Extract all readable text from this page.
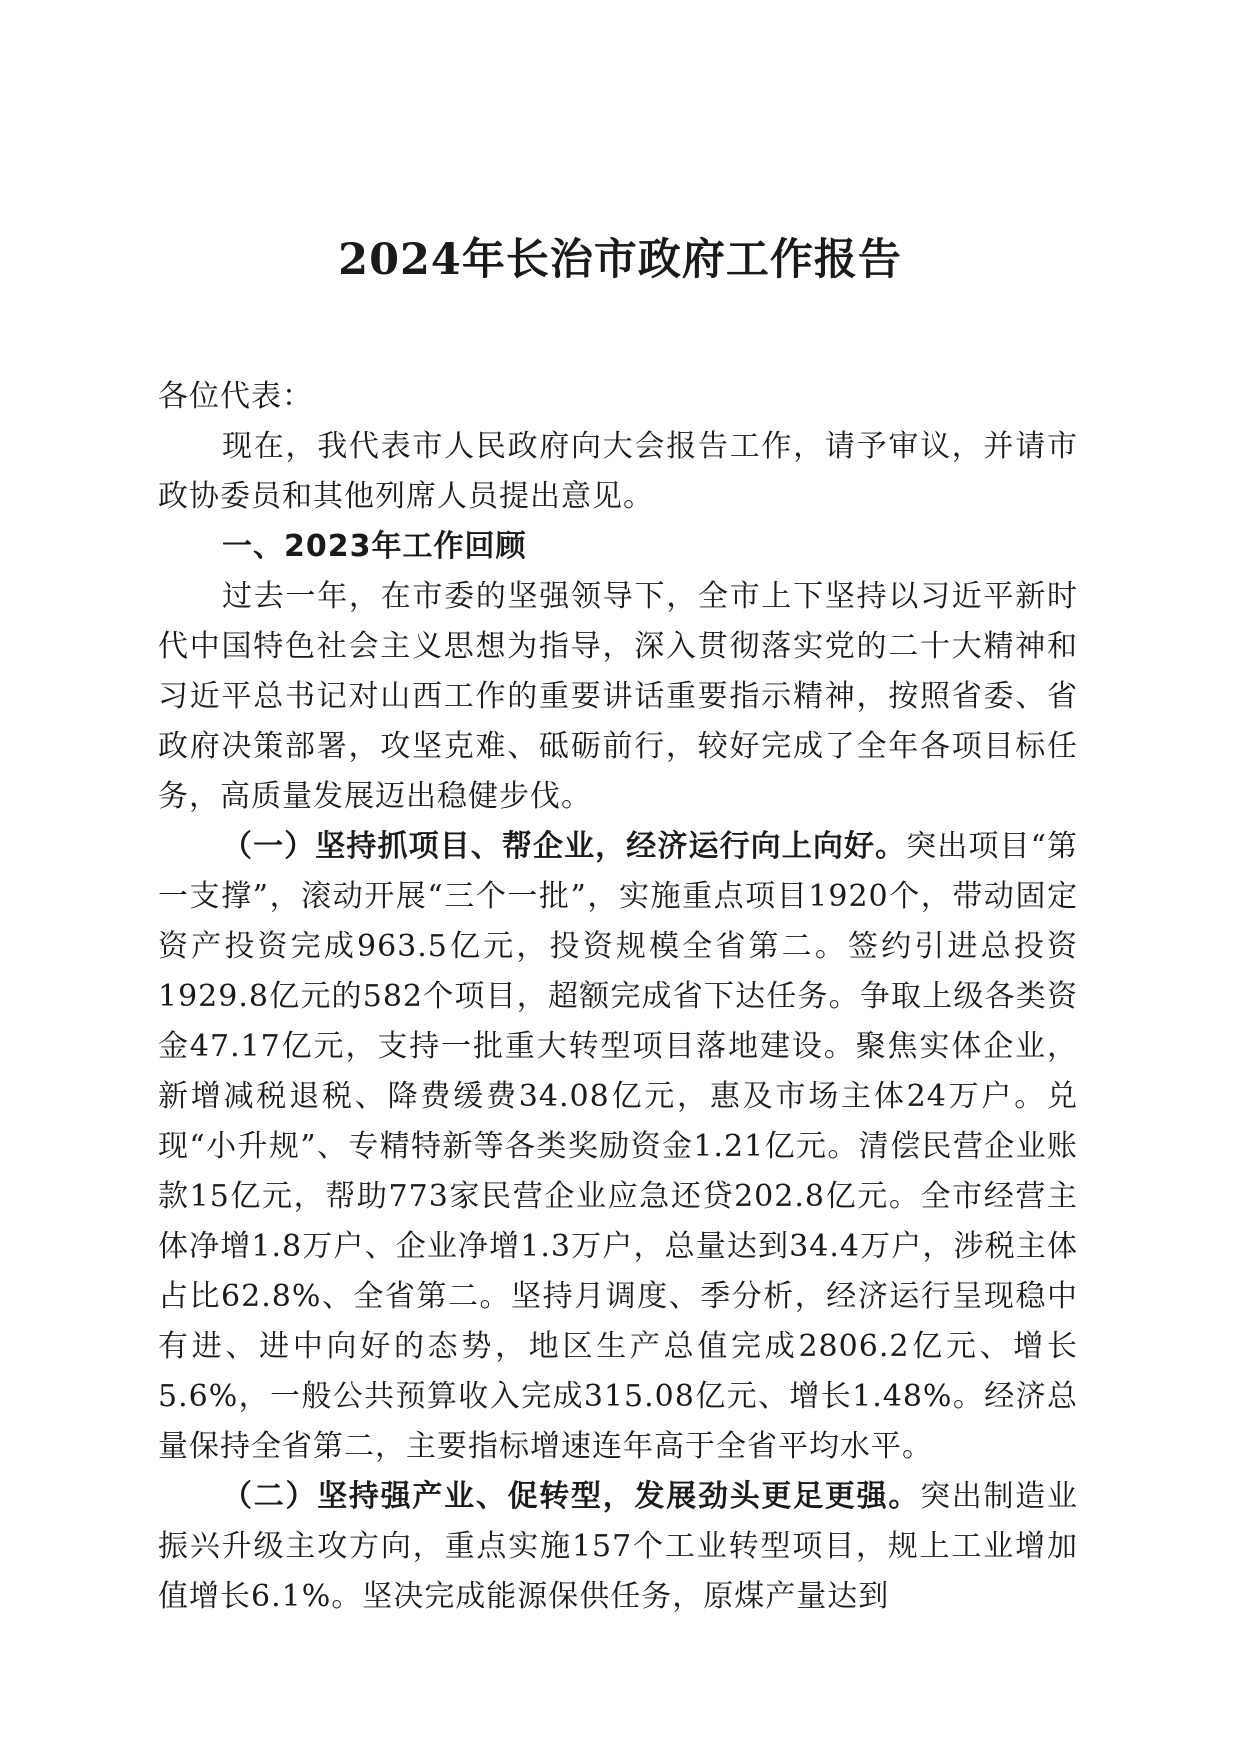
2024年长治市政府工作报告

各位代表：

现在，我代表市人民政府向大会报告工作，请予审议，并请市政协委员和其他列席人员提出意见。

一、2023年工作回顾

过去一年，在市委的坚强领导下，全市上下坚持以习近平新时代中国特色社会主义思想为指导，深入贯彻落实党的二十大精神和习近平总书记对山西工作的重要讲话重要指示精神，按照省委、省政府决策部署，攻坚克难、砥砺前行，较好完成了全年各项目标任务，高质量发展迈出稳健步伐。

（一）坚持抓项目、帮企业，经济运行向上向好。突出项目“第一支撑”，滚动开展“三个一批”，实施重点项目1920个，带动固定资产投资完成963.5亿元，投资规模全省第二。签约引进总投资1929.8亿元的582个项目，超额完成省下达任务。争取上级各类资金47.17亿元，支持一批重大转型项目落地建设。聚焦实体企业，新增减税退税、降费缓费34.08亿元，惠及市场主体24万户。兑现“小升规”、专精特新等各类奖励资金1.21亿元。清偿民营企业账款15亿元，帮助773家民营企业应急还贷202.8亿元。全市经营主体净增1.8万户、企业净增1.3万户，总量达到34.4万户，涉税主体占比62.8%、全省第二。坚持月调度、季分析，经济运行呈现稳中有进、进中向好的态势，地区生产总值完成2806.2亿元、增长5.6%，一般公共预算收入完成315.08亿元、增长1.48%。经济总量保持全省第二，主要指标增速连年高于全省平均水平。

（二）坚持强产业、促转型，发展劲头更足更强。突出制造业振兴升级主攻方向，重点实施157个工业转型项目，规上工业增加值增长6.1%。坚决完成能源保供任务，原煤产量达到
